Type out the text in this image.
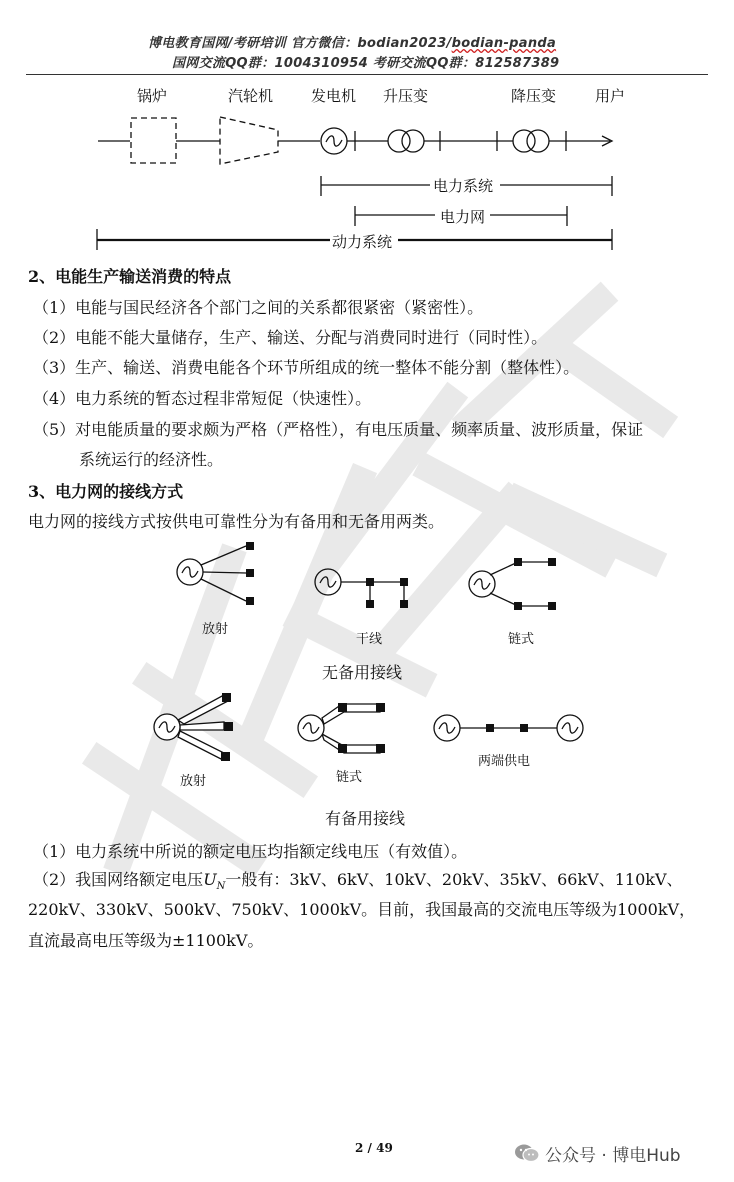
博电教育国网/考研培训 官方微信：bodian2023/bodian-panda
国网交流QQ群：1004310954 考研交流QQ群：812587389
锅炉	汽轮机	发电机 升压变	降压变	用户
电力系统
电力网
动力系统
2、电能生产输送消费的特点
（1）电能与国民经济各个部门之间的关系都很紧密（紧密性）。
（2）电能不能大量储存，生产、输送、分配与消费同时进行（同时性）。
（3）生产、输送、消费电能各个环节所组成的统一整体不能分割（整体性）。
（4）电力系统的暂态过程非常短促（快速性）。
（5）对电能质量的要求颇为严格（严格性），有电压质量、频率质量、波形质量，保证
系统运行的经济性。
3、电力网的接线方式
电力网的接线方式按供电可靠性分为有备用和无备用两类。
放射
干线	链式
无备用接线
放射	链式
两端供电
有备用接线
（1）电力系统中所说的额定电压均指额定线电压（有效值）。
（2）我国网络额定电压$U_N$一般有：3kV、6kV、10kV、20kV、35kV、66kV、110kV、
220kV、330kV、500kV、750kV、1000kV。目前，我国最高的交流电压等级为1000kV，
直流最高电压等级为±1100kV。
2 / 49	公众号 · 博电Hub
